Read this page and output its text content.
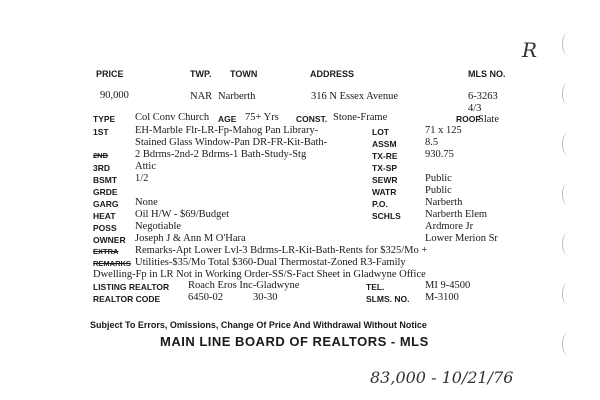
R
PRICE	TWP. TOWN	ADDRESS	MLS NO.
90,000	NAR Narberth	316 N Essex Avenue	6-3263
4/3
TYPE Col Conv Church AGE 75+ Yrs CONST. Stone-Frame	ROOF
Slate
1ST	EH-Marble Flr-LR-Fp-Mahog Pan Library-	LOT	71 x 125
Stained Glass Window-Pan DR-FR-Kit-Bath-	ASSM	8.5
2ND	2 Bdrms-2nd-2 Bdrms-1 Bath-Study-Stg	TX-RE	930.75
3RD Attic	TX-SP
BSMT 1/2	SEWR	Public
GRDE	WATR	Public
GARG None	P.O.	Narberth
HEAT Oil H/W - $69/Budget	SCHLS Narberth Elem
POSS Negotiable	Ardmore Jr
OWNER Joseph J & Ann M O'Hara	Lower Merion Sr
EXTRA Remarks-Apt Lower Lvl-3 Bdrms-LR-Kit-Bath-Rents for $325/Mo +
REMARKS Utilities-$35/Mo Total $360-Dual Thermostat-Zoned R3-Family
Dwelling-Fp in LR Not in Working Order-SS/S-Fact Sheet in Gladwyne Office
LISTING REALTOR Roach Eros Inc-Gladwyne	TEL.	MI 9-4500
REALTOR CODE	6450-02	30-30	SLMS. NO. M-3100
Subject To Errors, Omissions, Change Of Price And Withdrawal Without Notice
MAIN LINE BOARD OF REALTORS - MLS
83,000 - 10/21/76
